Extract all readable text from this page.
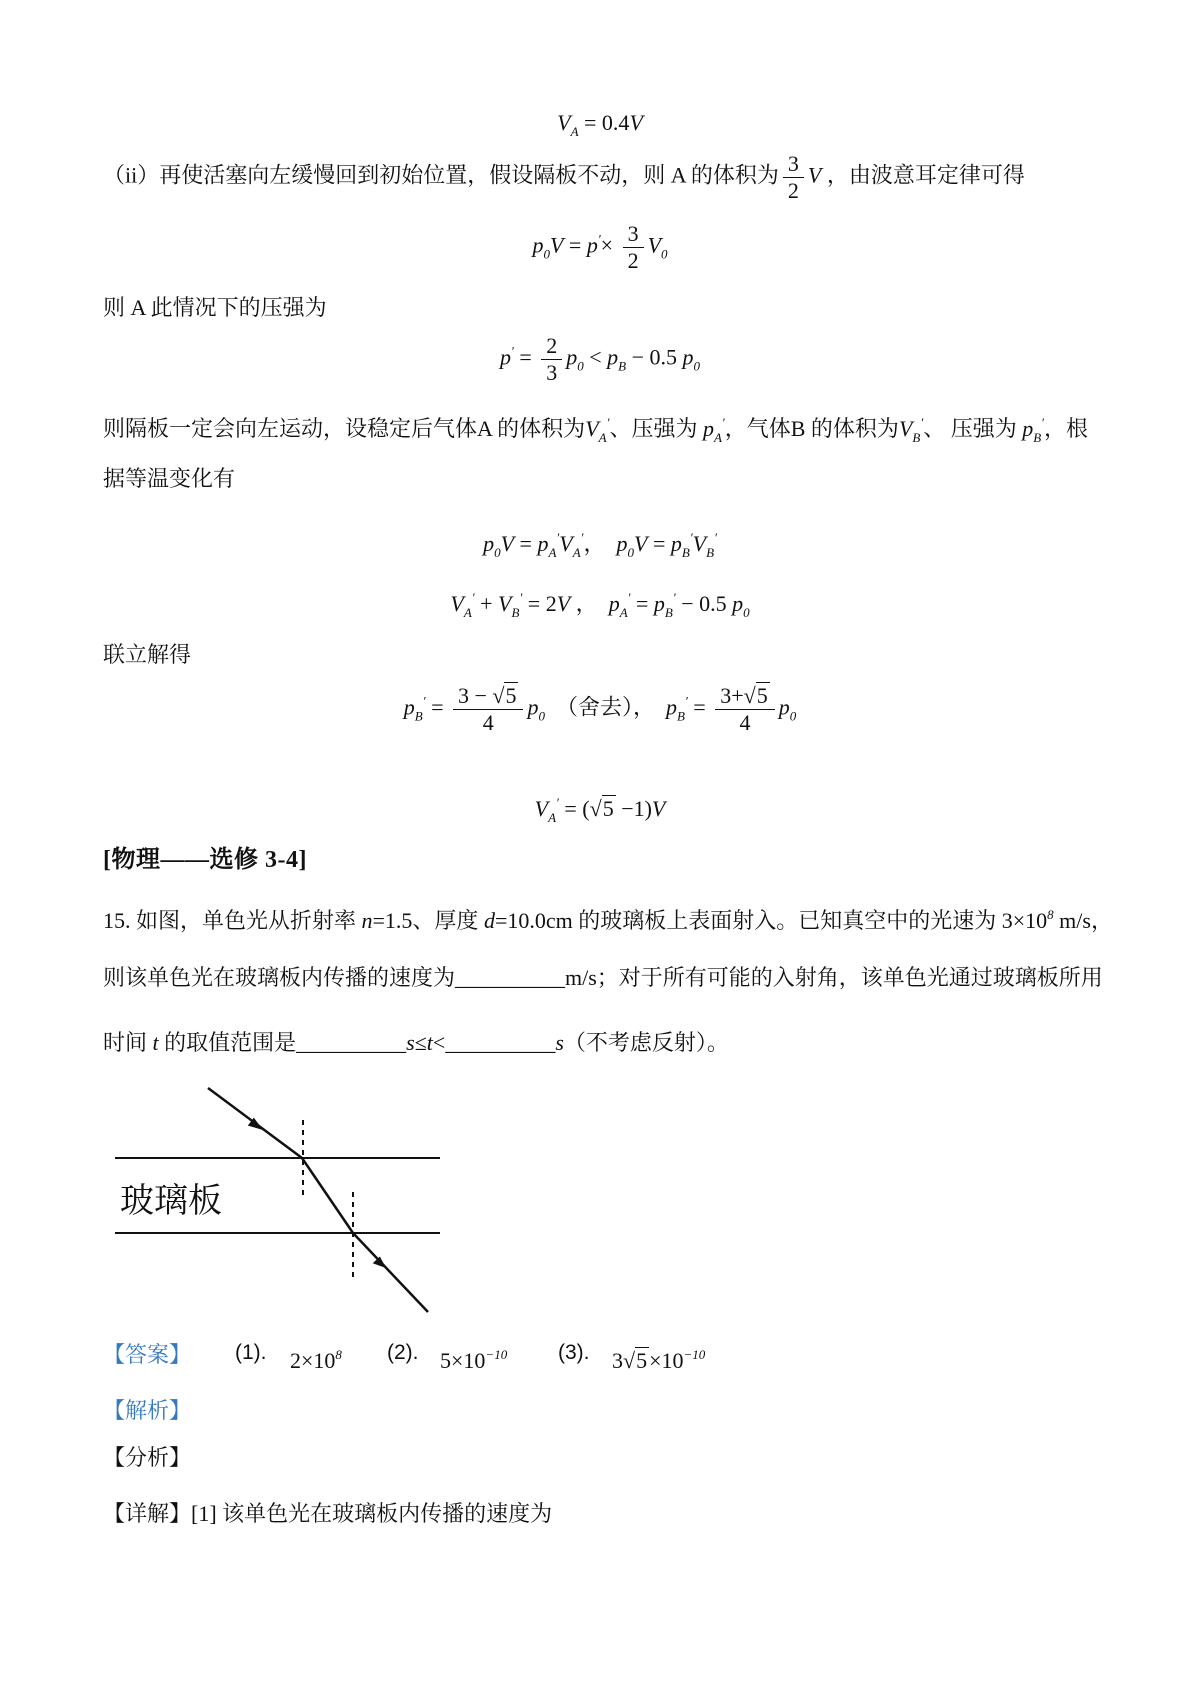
$V_A = 0.4V$
（ii）再使活塞向左缓慢回到初始位置，假设隔板不动，则 A 的体积为 $\frac{3}{2}$ V ，由波意耳定律可得
$p_0V = p'\times \frac{3}{2} V_0$
则 A 此情况下的压强为
$p' = \frac{2}{3} p_0 < p_B - 0.5$ $p_0$
则隔板一定会向左运动，设稳定后气体A 的体积为$V_A'$、压强为 $p_A'$，气体B 的体积为$V_B'$、 压强为 $p_B'$，根
据等温变化有
$p_0V = p_A'V_A'$，　$p_0V = p_B'V_B'$
$V_A' + V_B' = 2V$ ，　$p_A' = p_B' - 0.5$ $p_0$
联立解得
$p_B' = \frac{3 - √5}{4} p_0$　（舍去），　$p_B' = \frac{3+√5}{4} p_0$
$V_A' = (√5 -1)V$
[物理——选修 3-4]
15. 如图，单色光从折射率 n=1.5、厚度 d=10.0cm 的玻璃板上表面射入。已知真空中的光速为 $3\times 10^8$ m/s，
则该单色光在玻璃板内传播的速度为__________m/s；对于所有可能的入射角，该单色光通过玻璃板所用
时间 t 的取值范围是__________s≤t<__________s（不考虑反射）。
玻璃板
【答案】 (1). $2\times 10^8$ (2). $5\times 10^{-10}$ (3). $3√5\times 10^{-10}$
【解析】
【分析】
【详解】[1] 该单色光在玻璃板内传播的速度为
